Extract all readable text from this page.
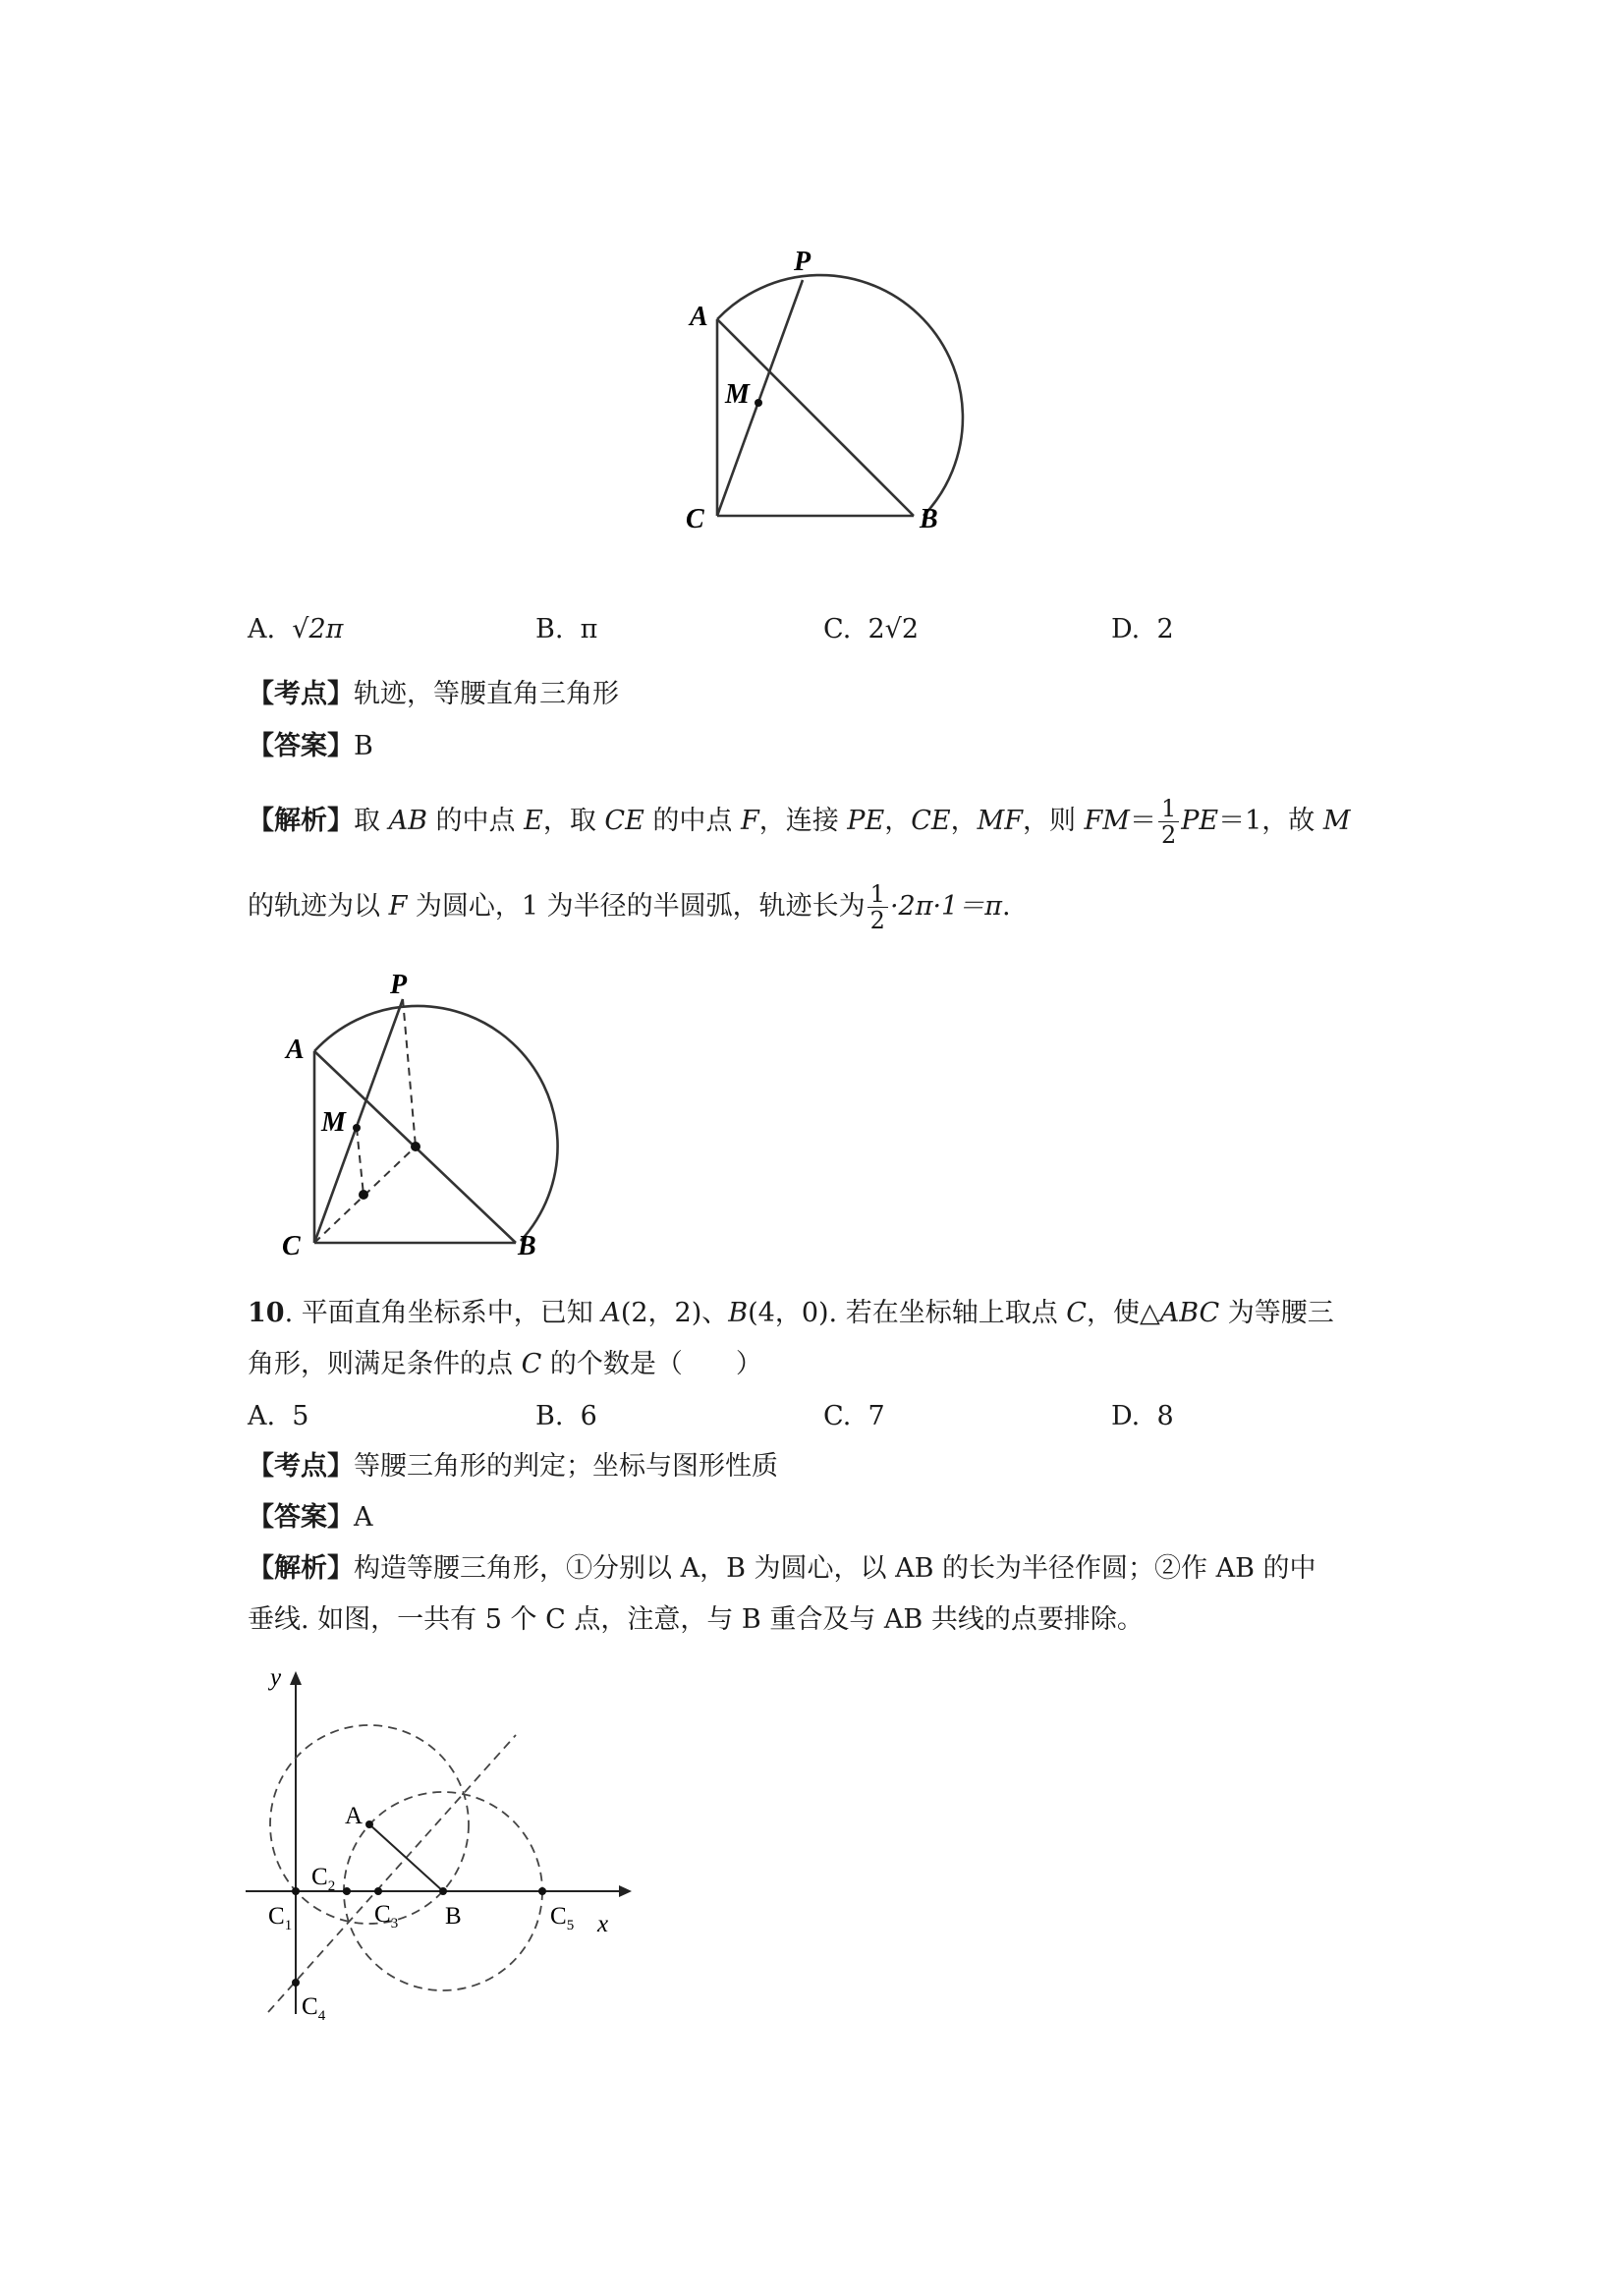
P
A
M
C	B
A. √2π	B. π	C. 2√2	D. 2
【考点】轨迹，等腰直角三角形
【答案】B
【解析】取 AB 的中点 E，取 CE 的中点 F，连接 PE，CE，MF，则 $FM= \frac{1}{2} PE=1$，故 M
的轨迹为以 F 为圆心，1 为半径的半圆弧，轨迹长为 $\frac{1}{2} \cdot 2\pi\cdot 1=\pi$.
P
A
M
C	B
10. 平面直角坐标系中，已知 A(2，2)、B(4，0). 若在坐标轴上取点 C，使△ABC 为等腰三
角形，则满足条件的点 C 的个数是（　　）
A. 5	B. 6	C. 7	D. 8
【考点】等腰三角形的判定；坐标与图形性质
【答案】A
【解析】构造等腰三角形，①分别以 A，B 为圆心，以 AB 的长为半径作圆；②作 AB 的中
垂线. 如图，一共有 5 个 C 点，注意，与 B 重合及与 AB 共线的点要排除。
y
x
A
B
$C_1$
$C_2$
$C_3$
$C_4$
$C_5$
